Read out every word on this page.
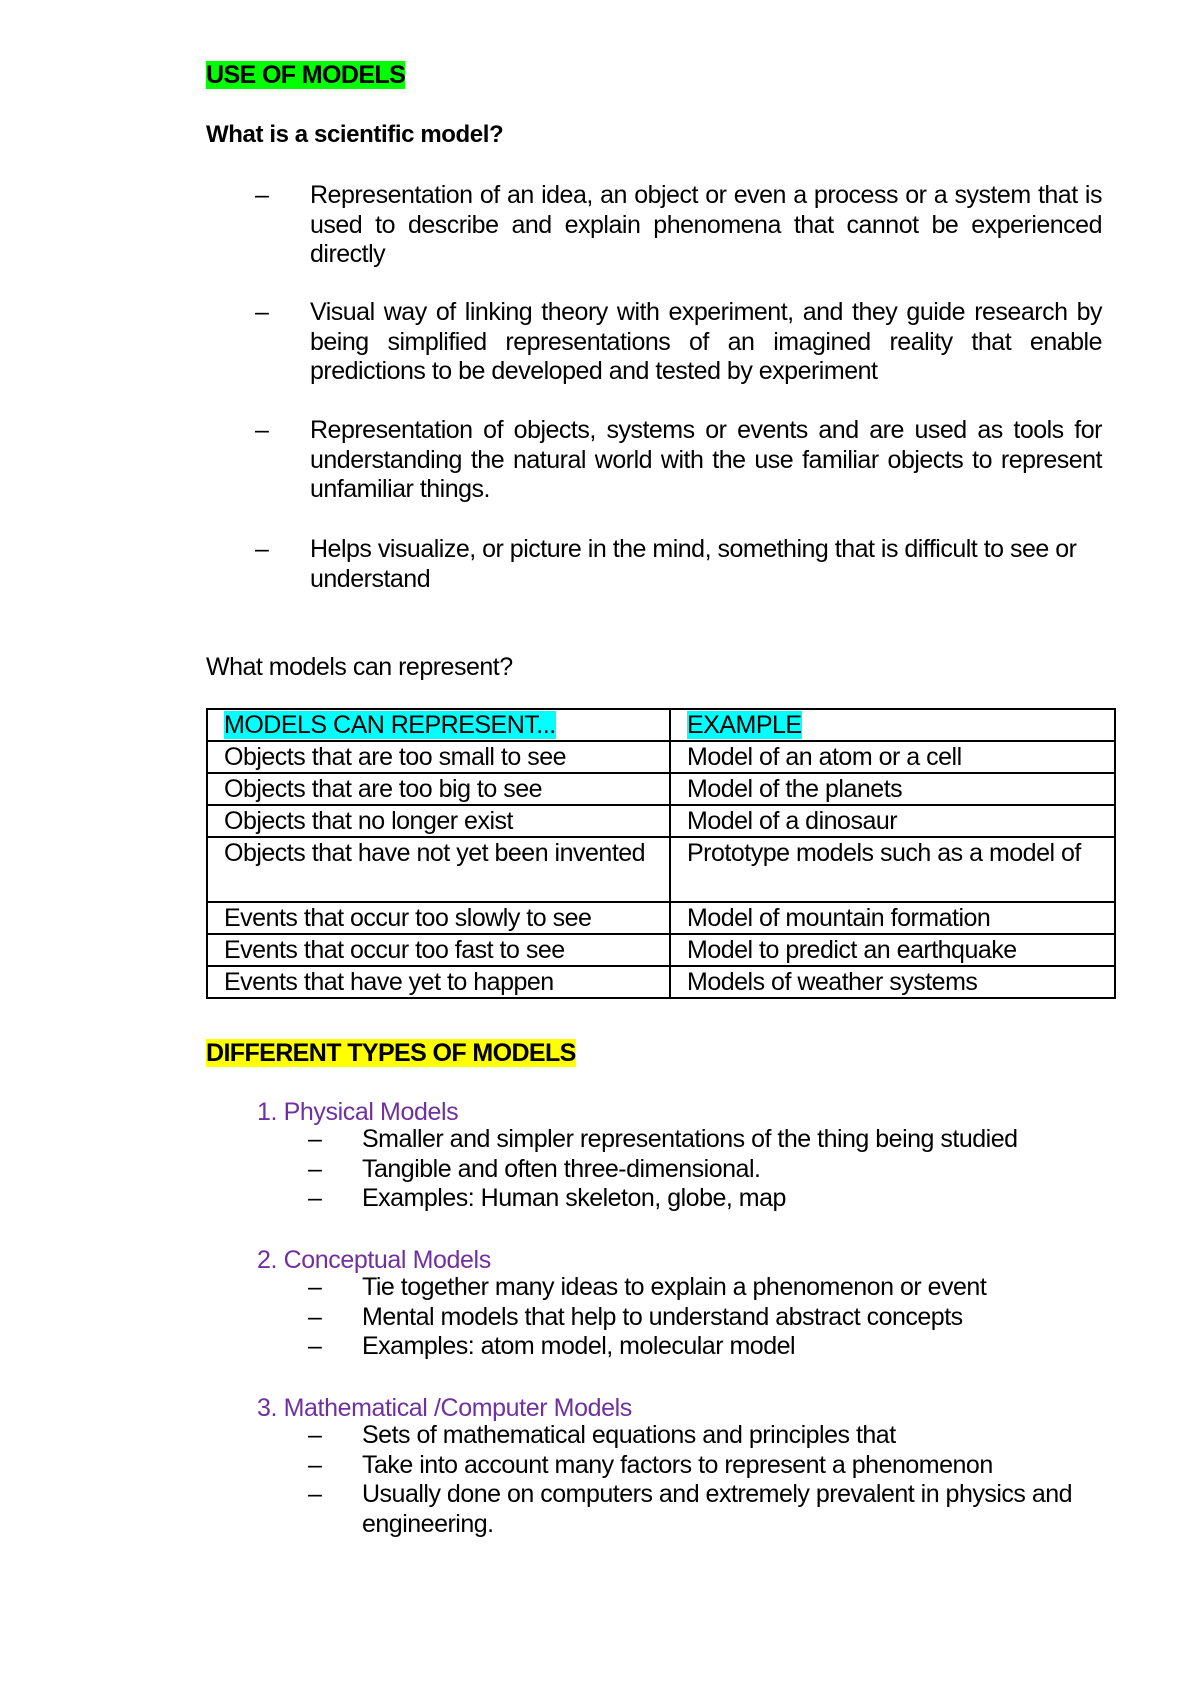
USE OF MODELS
What is a scientific model?
– Representation of an idea, an object or even a process or a system that is used to describe and explain phenomena that cannot be experienced directly
– Visual way of linking theory with experiment, and they guide research by being simplified representations of an imagined reality that enable predictions to be developed and tested by experiment
– Representation of objects, systems or events and are used as tools for understanding the natural world with the use familiar objects to represent unfamiliar things.
– Helps visualize, or picture in the mind, something that is difficult to see or understand
What models can represent?
MODELS CAN REPRESENT...	EXAMPLE
Objects that are too small to see	Model of an atom or a cell
Objects that are too big to see	Model of the planets
Objects that no longer exist	Model of a dinosaur
Objects that have not yet been invented	Prototype models such as a model of
Events that occur too slowly to see	Model of mountain formation
Events that occur too fast to see	Model to predict an earthquake
Events that have yet to happen	Models of weather systems
DIFFERENT TYPES OF MODELS
1. Physical Models
– Smaller and simpler representations of the thing being studied
– Tangible and often three-dimensional.
– Examples: Human skeleton, globe, map
2. Conceptual Models
– Tie together many ideas to explain a phenomenon or event
– Mental models that help to understand abstract concepts
– Examples: atom model, molecular model
3. Mathematical /Computer Models
– Sets of mathematical equations and principles that
– Take into account many factors to represent a phenomenon
– Usually done on computers and extremely prevalent in physics and engineering.
